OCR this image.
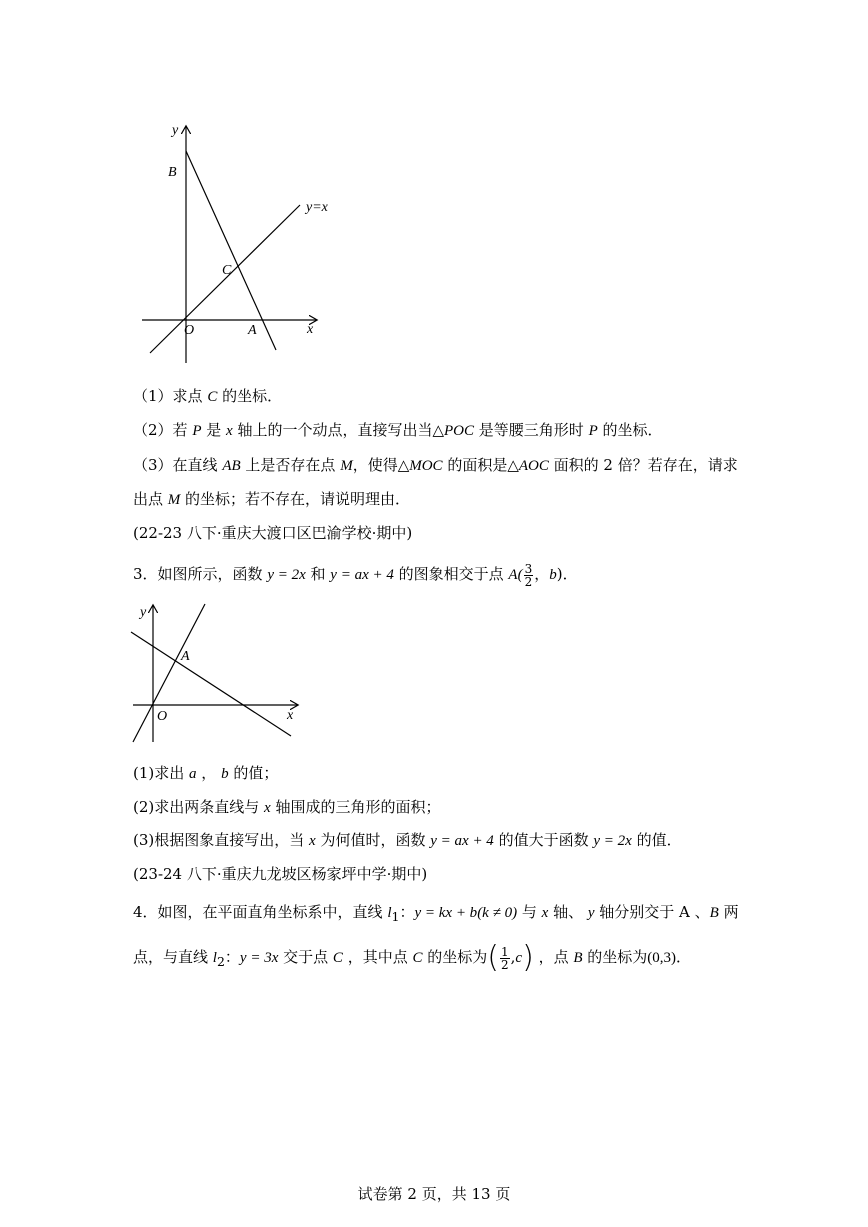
y
x
B
C
O	A
y=x
（1）求点 C 的坐标．
（2）若 P 是 x 轴上的一个动点，直接写出当△POC 是等腰三角形时 P 的坐标．
（3）在直线 AB 上是否存在点 M，使得△MOC 的面积是△AOC 面积的 2 倍？若存在，请求
出点 M 的坐标；若不存在，请说明理由．
(22-23 八下·重庆大渡口区巴渝学校·期中)
3．如图所示，函数 y = 2x 和 y = ax + 4 的图象相交于点 $A( \frac{3}{2}$ ，b)．
y
x
A
O
(1)求出 a ， b 的值；
(2)求出两条直线与 x 轴围成的三角形的面积；
(3)根据图象直接写出，当 x 为何值时，函数 y = ax + 4 的值大于函数 y = 2x 的值．
(23-24 八下·重庆九龙坡区杨家坪中学·期中)
4．如图，在平面直角坐标系中，直线 $l_1$：y = kx + b(k ≠ 0) 与 x 轴、 y 轴分别交于 A 、B 两
点，与直线 $l_2$：y = 3x 交于点 C ，其中点 C 的坐标为( $\frac{1}{2} ,c$) ，点 B 的坐标为(0,3)．
试卷第 2 页，共 13 页
